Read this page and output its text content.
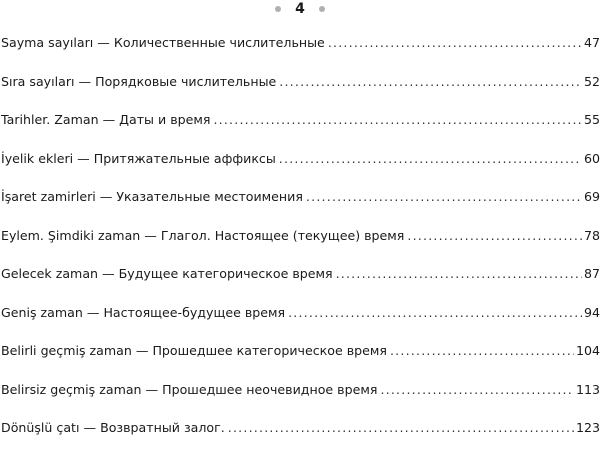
4
Sayma sayıları — Количественные числительные .....	47
Sıra sayıları — Порядковые числительные .....	52
Tarihler. Zaman — Даты и время .....	55
İyelik ekleri — Притяжательные аффиксы .....	60
İşaret zamirleri — Указательные местоимения .....	69
Eylem. Şimdiki zaman — Глагол. Настоящее (текущее) время .....	78
Gelecek zaman — Будущее категорическое время .....	87
Geniş zaman — Настоящее-будущее время .....	94
Belirli geçmiş zaman — Прошедшее категорическое время .....	104
Belirsiz geçmiş zaman — Прошедшее неочевидное время .....	113
Dönüşlü çatı — Возвратный залог. .....	123
